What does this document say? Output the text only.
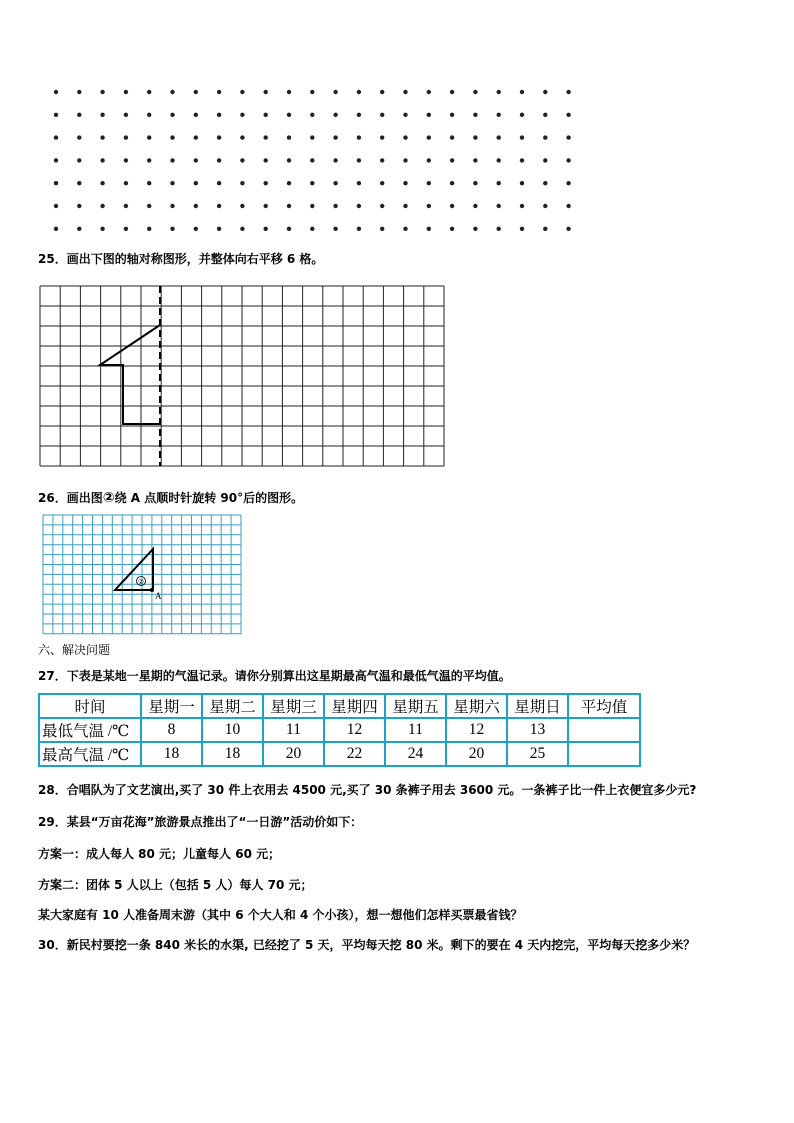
25．画出下图的轴对称图形，并整体向右平移 6 格。
26．画出图②绕 A 点顺时针旋转 90°后的图形。
②
A
六、解决问题
27．下表是某地一星期的气温记录。请你分别算出这星期最高气温和最低气温的平均值。
时间	星期一	星期二	星期三	星期四	星期五	星期六	星期日	平均值
最低气温 /℃	8	10	11	12	11	12	13	
最高气温 /℃	18	18	20	22	24	20	25	
28．合唱队为了文艺演出,买了 30 件上衣用去 4500 元,买了 30 条裤子用去 3600 元。一条裤子比一件上衣便宜多少元?
29．某县“万亩花海”旅游景点推出了“一日游”活动价如下：
方案一：成人每人 80 元；儿童每人 60 元；
方案二：团体 5 人以上（包括 5 人）每人 70 元；
某大家庭有 10 人准备周末游（其中 6 个大人和 4 个小孩），想一想他们怎样买票最省钱？
30．新民村要挖一条 840 米长的水渠, 已经挖了 5 天，平均每天挖 80 米。剩下的要在 4 天内挖完，平均每天挖多少米？
